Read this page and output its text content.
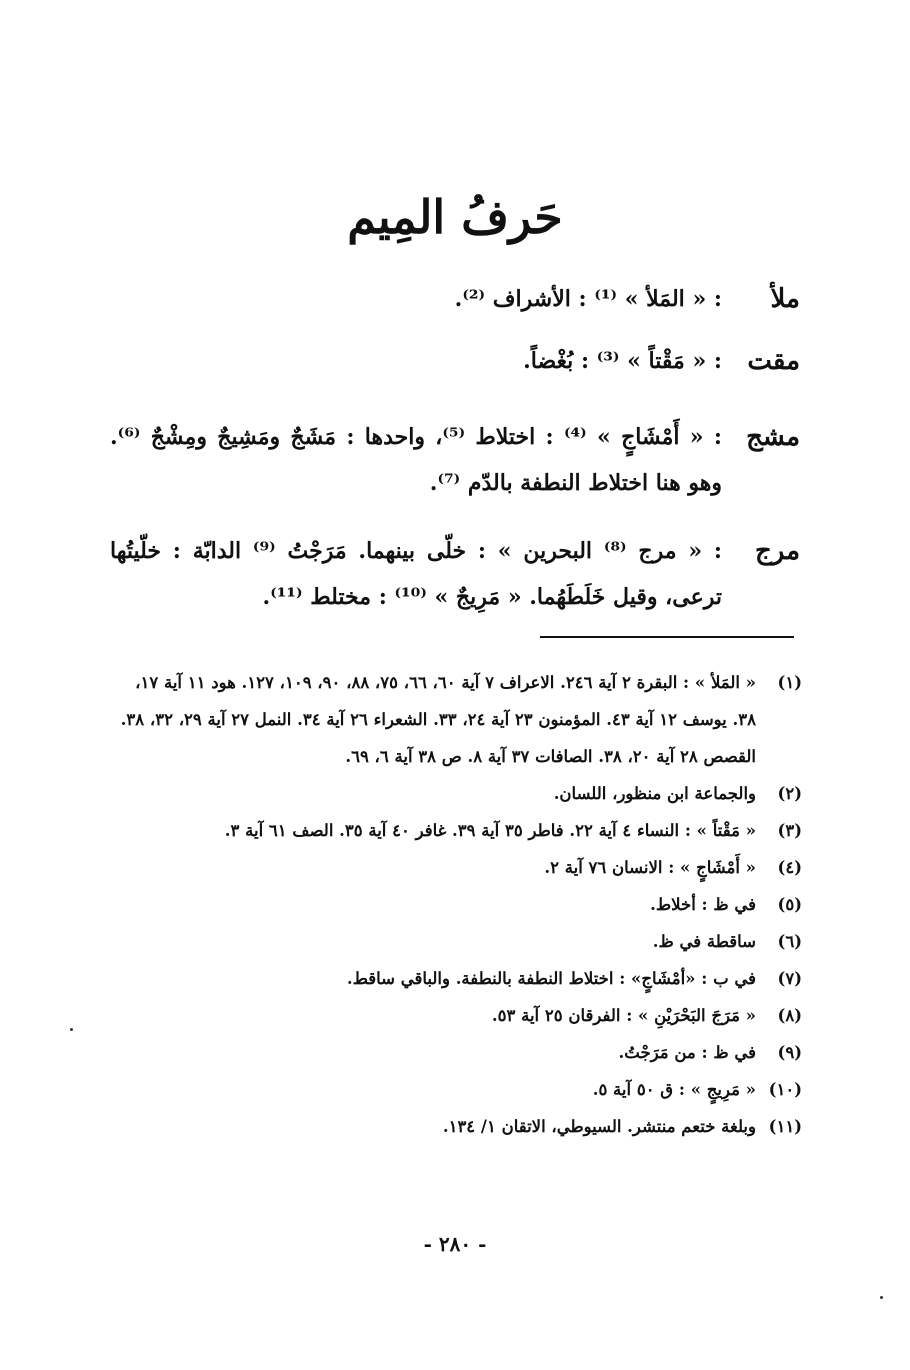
حَرفُ المِيم
ملأ
: « المَلأ » ⁽¹⁾ : الأشراف ⁽²⁾.
مقت
: « مَقْتاً » ⁽³⁾ : بُغْضاً.
مشج
: « أَمْشَاجٍ » ⁽⁴⁾ : اختلاط ⁽⁵⁾، واحدها : مَشَجٌ ومَشِيجٌ ومِشْجٌ ⁽⁶⁾. وهو هنا اختلاط النطفة بالدّم ⁽⁷⁾.
مرج
: « مرج ⁽⁸⁾ البحرين » : خلّى بينهما. مَرَجْتُ ⁽⁹⁾ الدابّة : خلّيتُها ترعى، وقيل خَلَطَهُما. « مَرِيجٌ » ⁽¹⁰⁾ : مختلط ⁽¹¹⁾.
(١)
« المَلأ » : البقرة ٢ آية ٢٤٦. الاعراف ٧ آية ٦٠، ٦٦، ٧٥، ٨٨، ٩٠، ١٠٩، ١٢٧. هود ١١ آية ١٧، ٣٨. يوسف ١٢ آية ٤٣. المؤمنون ٢٣ آية ٢٤، ٣٣. الشعراء ٢٦ آية ٣٤. النمل ٢٧ آية ٢٩، ٣٢، ٣٨. القصص ٢٨ آية ٢٠، ٣٨. الصافات ٣٧ آية ٨. ص ٣٨ آية ٦، ٦٩.
(٢)
والجماعة ابن منظور، اللسان.
(٣)
« مَقْتاً » : النساء ٤ آية ٢٢. فاطر ٣٥ آية ٣٩. غافر ٤٠ آية ٣٥. الصف ٦١ آية ٣.
(٤)
« أَمْشَاجٍ » : الانسان ٧٦ آية ٢.
(٥)
في ظ : أخلاط.
(٦)
ساقطة في ظ.
(٧)
في ب : «أمْشَاجٍ» : اختلاط النطفة بالنطفة. والباقي ساقط.
(٨)
« مَرَجَ البَحْرَيْنِ » : الفرقان ٢٥ آية ٥٣.
(٩)
في ظ : من مَرَجْتُ.
(١٠)
« مَرِيجٍ » : ق ٥٠ آية ٥.
(١١)
وبلغة ختعم منتشر. السيوطي، الاتقان ١/ ١٣٤.
- ٢٨٠ -
